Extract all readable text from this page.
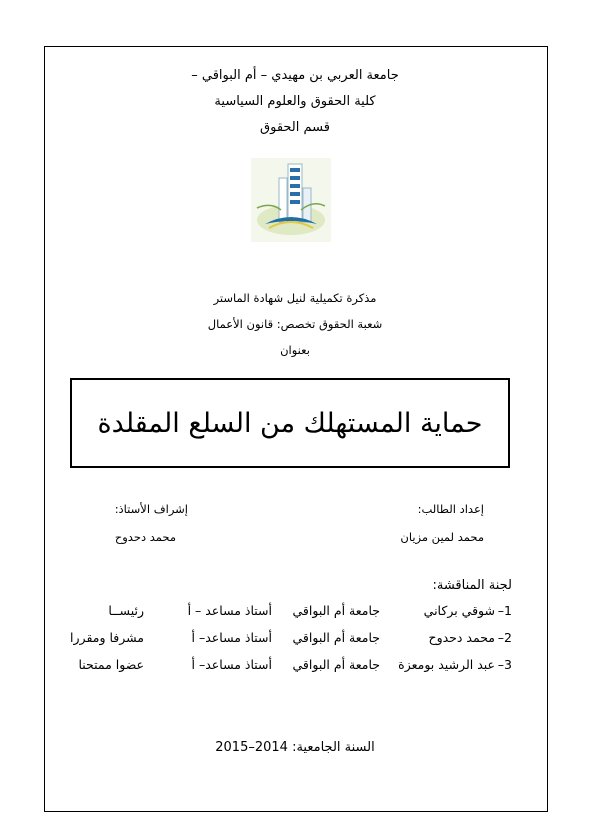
جامعة العربي بن مهيدي – أم البواقي –
كلية الحقوق والعلوم السياسية
قسم الحقوق
مذكرة تكميلية لنيل شهادة الماستر
شعبة الحقوق تخصص: قانون الأعمال
بعنوان
حماية المستهلك من السلع المقلدة
إعداد الطالب:
محمد لمين مزيان
إشراف الأستاذ:
محمد دحدوح
لجنة المناقشة:
1–
شوقي بركاني
جامعة أم البواقي
أستاذ مساعد – أ
رئيســا
2–
محمد دحدوح
جامعة أم البواقي
أستاذ مساعد– أ
مشرفا ومقررا
3–
عبد الرشيد بومعزة
جامعة أم البواقي
أستاذ مساعد– أ
عضوا ممتحنا
السنة الجامعية: 2014–2015
